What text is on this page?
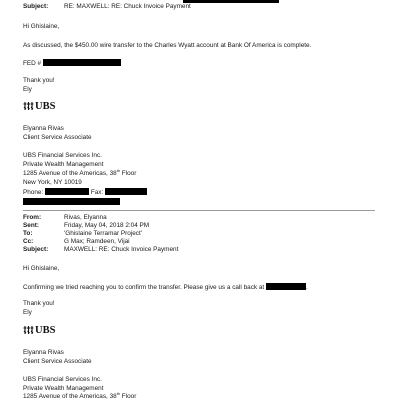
Subject: RE: MAXWELL: RE: Chuck Invoice Payment
Hi Ghislaine,
As discussed, the $450.00 wire transfer to the Charles Wyatt account at Bank Of America is complete.
FED #
Thank you!
Ely
UBS
Elyanna Rivas
Client Service Associate
UBS Financial Services Inc.
Private Wealth Management
1285 Avenue of the Americas, 38th Floor
New York, NY 10019
Phone:	Fax:
From:	Rivas, Elyanna
Sent:	Friday, May 04, 2018 2:04 PM
To:	'Ghislaine Terramar Project'
Cc:	G Max; Ramdeen, Vijai
Subject: MAXWELL: RE: Chuck Invoice Payment
Hi Ghislaine,
Confirming we tried reaching you to confirm the transfer. Please give us a call back at	.
Thank you!
Ely
UBS
Elyanna Rivas
Client Service Associate
UBS Financial Services Inc.
Private Wealth Management
1285 Avenue of the Americas, 38th Floor
